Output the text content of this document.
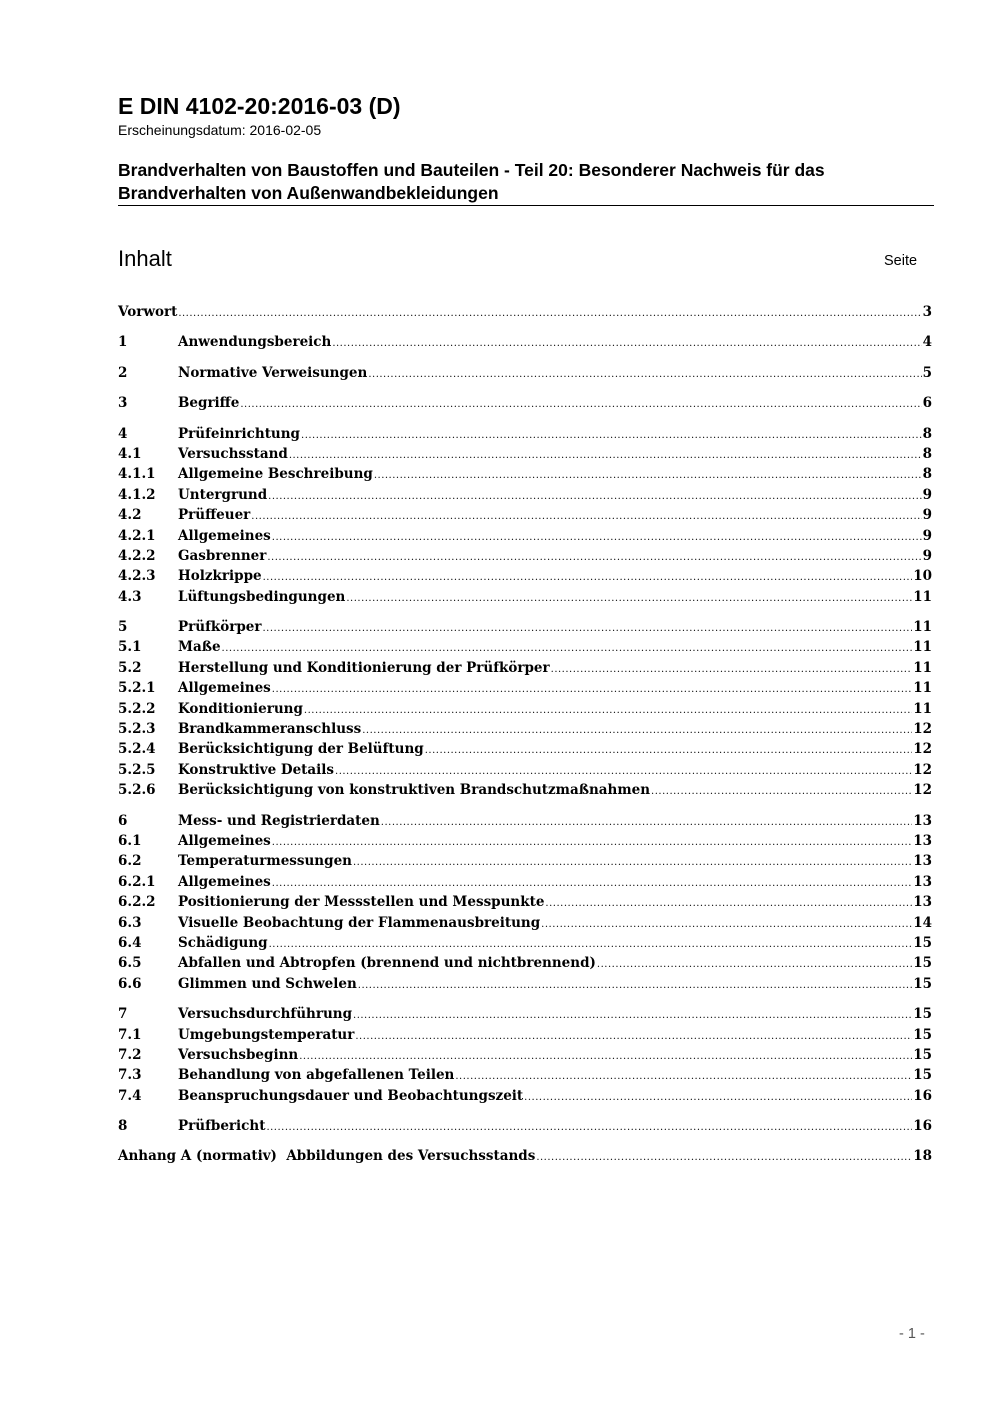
E DIN 4102-20:2016-03 (D)
Erscheinungsdatum: 2016-02-05
Brandverhalten von Baustoffen und Bauteilen - Teil 20: Besonderer Nachweis für das Brandverhalten von Außenwandbekleidungen
Inhalt	Seite
Vorwort .....	3
1	Anwendungsbereich .....	4
2	Normative Verweisungen .....	5
3	Begriffe .....	6
4	Prüfeinrichtung .....	8
4.1	Versuchsstand .....	8
4.1.1	Allgemeine Beschreibung .....	8
4.1.2	Untergrund .....	9
4.2	Prüffeuer .....	9
4.2.1	Allgemeines .....	9
4.2.2	Gasbrenner .....	9
4.2.3	Holzkrippe .....	10
4.3	Lüftungsbedingungen .....	11
5	Prüfkörper .....	11
5.1	Maße .....	11
5.2	Herstellung und Konditionierung der Prüfkörper .....	11
5.2.1	Allgemeines .....	11
5.2.2	Konditionierung .....	11
5.2.3	Brandkammeranschluss .....	12
5.2.4	Berücksichtigung der Belüftung .....	12
5.2.5	Konstruktive Details .....	12
5.2.6	Berücksichtigung von konstruktiven Brandschutzmaßnahmen .....	12
6	Mess- und Registrierdaten .....	13
6.1	Allgemeines .....	13
6.2	Temperaturmessungen .....	13
6.2.1	Allgemeines .....	13
6.2.2	Positionierung der Messstellen und Messpunkte .....	13
6.3	Visuelle Beobachtung der Flammenausbreitung .....	14
6.4	Schädigung .....	15
6.5	Abfallen und Abtropfen (brennend und nichtbrennend) .....	15
6.6	Glimmen und Schwelen .....	15
7	Versuchsdurchführung .....	15
7.1	Umgebungstemperatur .....	15
7.2	Versuchsbeginn .....	15
7.3	Behandlung von abgefallenen Teilen .....	15
7.4	Beanspruchungsdauer und Beobachtungszeit .....	16
8	Prüfbericht .....	16
Anhang A (normativ)  Abbildungen des Versuchsstands .....	18
- 1 -
